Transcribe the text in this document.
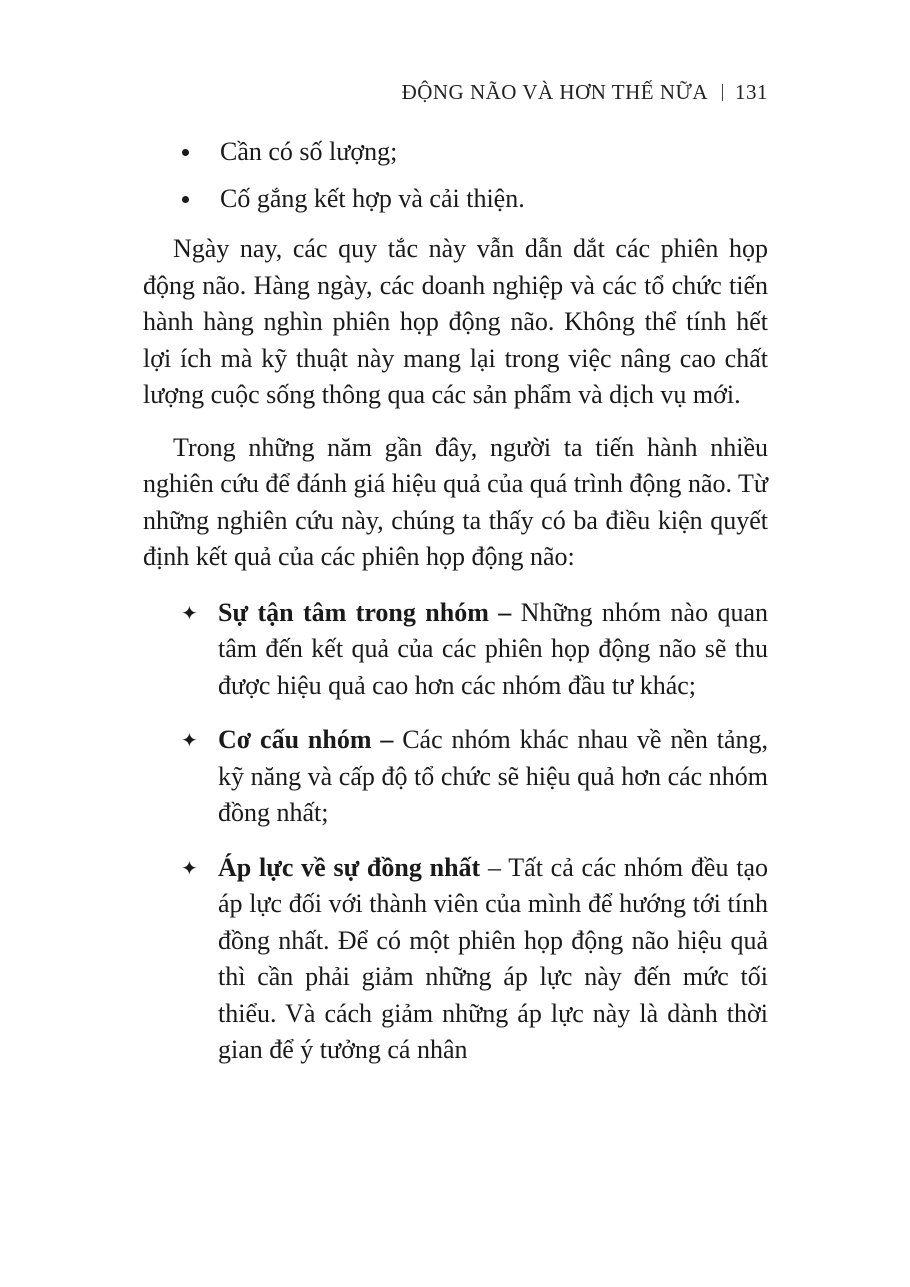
ĐỘNG NÃO VÀ HƠN THẾ NỮA 131
Cần có số lượng;
Cố gắng kết hợp và cải thiện.

Ngày nay, các quy tắc này vẫn dẫn dắt các phiên họp động não. Hàng ngày, các doanh nghiệp và các tổ chức tiến hành hàng nghìn phiên họp động não. Không thể tính hết lợi ích mà kỹ thuật này mang lại trong việc nâng cao chất lượng cuộc sống thông qua các sản phẩm và dịch vụ mới.

Trong những năm gần đây, người ta tiến hành nhiều nghiên cứu để đánh giá hiệu quả của quá trình động não. Từ những nghiên cứu này, chúng ta thấy có ba điều kiện quyết định kết quả của các phiên họp động não:

✦ Sự tận tâm trong nhóm – Những nhóm nào quan tâm đến kết quả của các phiên họp động não sẽ thu được hiệu quả cao hơn các nhóm đầu tư khác;
✦ Cơ cấu nhóm – Các nhóm khác nhau về nền tảng, kỹ năng và cấp độ tổ chức sẽ hiệu quả hơn các nhóm đồng nhất;
✦ Áp lực về sự đồng nhất – Tất cả các nhóm đều tạo áp lực đối với thành viên của mình để hướng tới tính đồng nhất. Để có một phiên họp động não hiệu quả thì cần phải giảm những áp lực này đến mức tối thiểu. Và cách giảm những áp lực này là dành thời gian để ý tưởng cá nhân
